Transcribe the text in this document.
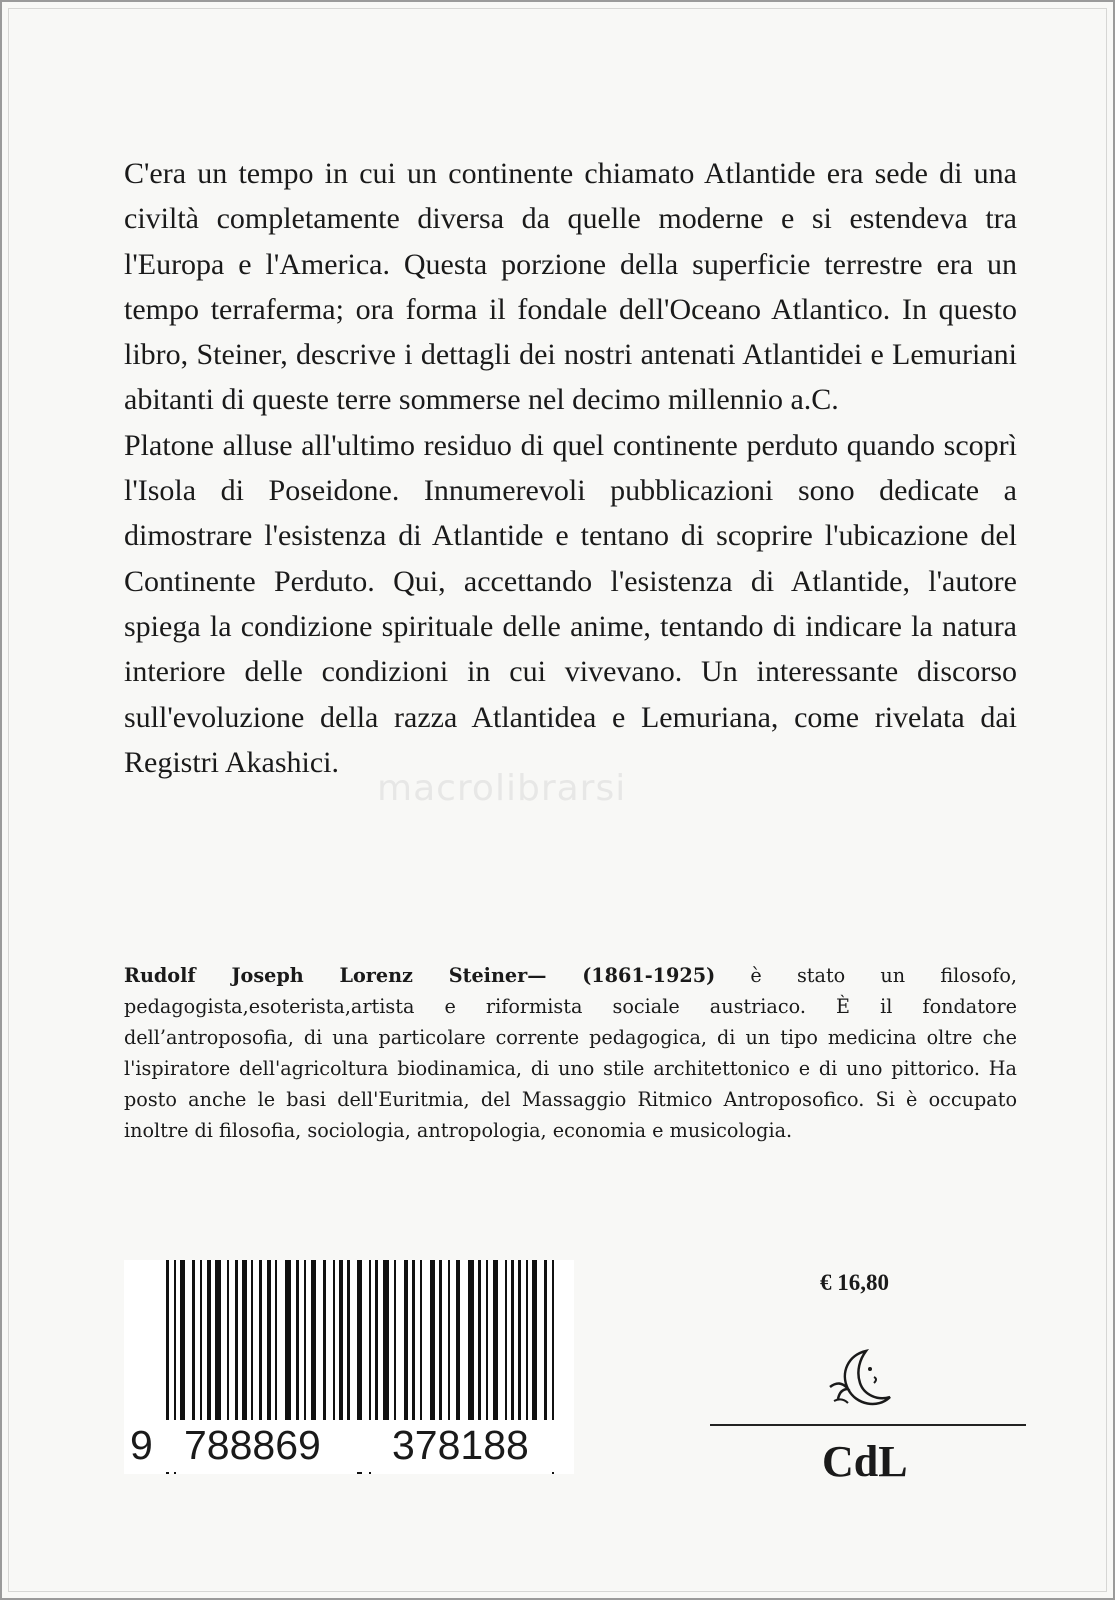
C'era un tempo in cui un continente chiamato Atlantide era sede di una civiltà completamente diversa da quelle moderne e si estendeva tra l'Europa e l'America. Questa porzione della superficie terrestre era un tempo terraferma; ora forma il fondale dell'Oceano Atlantico. In questo libro, Steiner, descrive i dettagli dei nostri antenati Atlantidei e Lemuriani abitanti di queste terre sommerse nel decimo millennio a.C.

Platone alluse all'ultimo residuo di quel continente perduto quando scoprì l'Isola di Poseidone. Innumerevoli pubblicazioni sono dedicate a dimostrare l'esistenza di Atlantide e tentano di scoprire l'ubicazione del Continente Perduto. Qui, accettando l'esistenza di Atlantide, l'autore spiega la condizione spirituale delle anime, tentando di indicare la natura interiore delle condizioni in cui vivevano. Un interessante discorso sull'evoluzione della razza Atlantidea e Lemuriana, come rivelata dai Registri Akashici.

macrolibrarsi

Rudolf Joseph Lorenz Steiner— (1861-1925) è stato un filosofo, pedagogista,esoterista,artista e riformista sociale austriaco. È il fondatore dell’antroposofia, di una particolare corrente pedagogica, di un tipo medicina oltre che l'ispiratore dell'agricoltura biodinamica, di uno stile architettonico e di uno pittorico. Ha posto anche le basi dell'Euritmia, del Massaggio Ritmico Antroposofico. Si è occupato inoltre di filosofia, sociologia, antropologia, economia e musicologia.

9 788869 378188
€ 16,80
CdL
